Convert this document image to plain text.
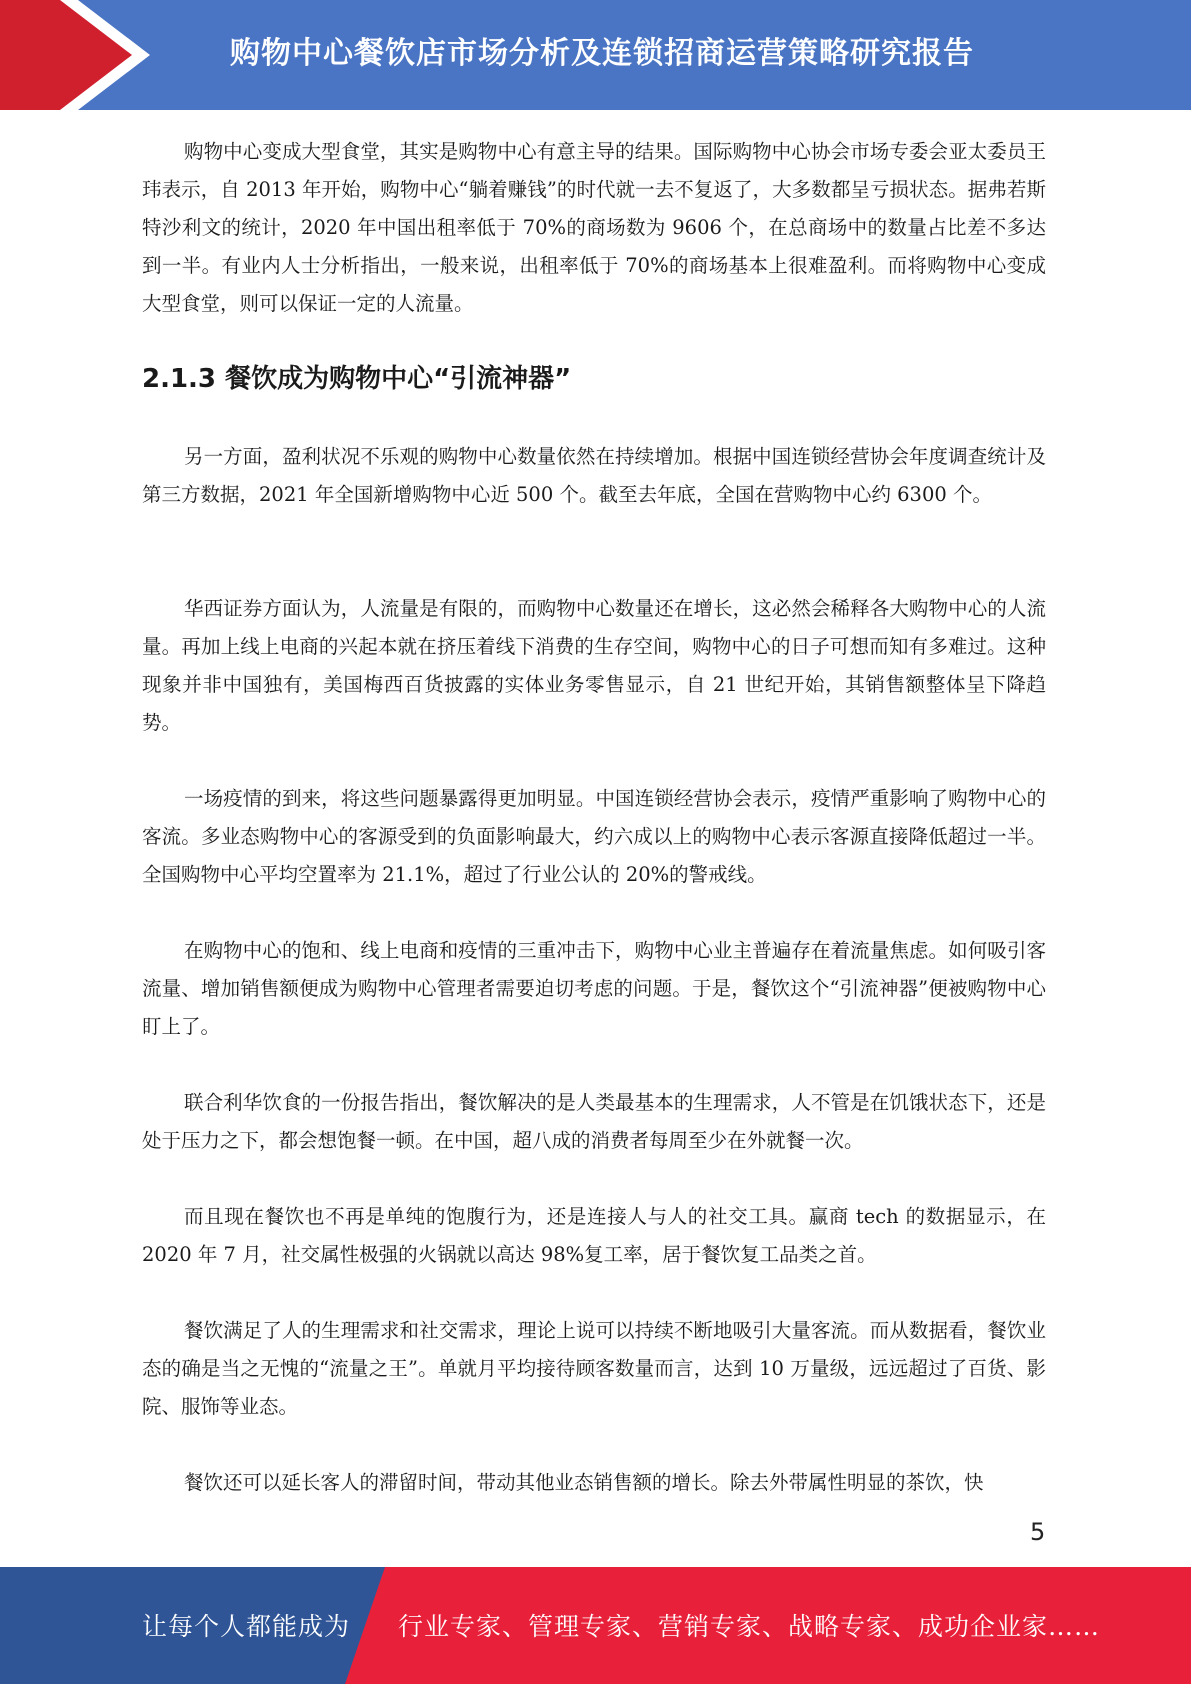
购物中心餐饮店市场分析及连锁招商运营策略研究报告

购物中心变成大型食堂，其实是购物中心有意主导的结果。国际购物中心协会市场专委会亚太委员王玮表示，自 2013 年开始，购物中心“躺着赚钱”的时代就一去不复返了，大多数都呈亏损状态。据弗若斯特沙利文的统计，2020 年中国出租率低于 70%的商场数为 9606 个，在总商场中的数量占比差不多达到一半。有业内人士分析指出，一般来说，出租率低于 70%的商场基本上很难盈利。而将购物中心变成大型食堂，则可以保证一定的人流量。

2.1.3 餐饮成为购物中心“引流神器”

另一方面，盈利状况不乐观的购物中心数量依然在持续增加。根据中国连锁经营协会年度调查统计及第三方数据，2021 年全国新增购物中心近 500 个。截至去年底，全国在营购物中心约 6300 个。

华西证券方面认为，人流量是有限的，而购物中心数量还在增长，这必然会稀释各大购物中心的人流量。再加上线上电商的兴起本就在挤压着线下消费的生存空间，购物中心的日子可想而知有多难过。这种现象并非中国独有，美国梅西百货披露的实体业务零售显示，自 21 世纪开始，其销售额整体呈下降趋势。

一场疫情的到来，将这些问题暴露得更加明显。中国连锁经营协会表示，疫情严重影响了购物中心的客流。多业态购物中心的客源受到的负面影响最大，约六成以上的购物中心表示客源直接降低超过一半。全国购物中心平均空置率为 21.1%，超过了行业公认的 20%的警戒线。

在购物中心的饱和、线上电商和疫情的三重冲击下，购物中心业主普遍存在着流量焦虑。如何吸引客流量、增加销售额便成为购物中心管理者需要迫切考虑的问题。于是，餐饮这个“引流神器”便被购物中心盯上了。

联合利华饮食的一份报告指出，餐饮解决的是人类最基本的生理需求，人不管是在饥饿状态下，还是处于压力之下，都会想饱餐一顿。在中国，超八成的消费者每周至少在外就餐一次。

而且现在餐饮也不再是单纯的饱腹行为，还是连接人与人的社交工具。赢商 tech 的数据显示，在 2020 年 7 月，社交属性极强的火锅就以高达 98%复工率，居于餐饮复工品类之首。

餐饮满足了人的生理需求和社交需求，理论上说可以持续不断地吸引大量客流。而从数据看，餐饮业态的确是当之无愧的“流量之王”。单就月平均接待顾客数量而言，达到 10 万量级，远远超过了百货、影院、服饰等业态。

餐饮还可以延长客人的滞留时间，带动其他业态销售额的增长。除去外带属性明显的茶饮，快

5
让每个人都能成为 行业专家、管理专家、营销专家、战略专家、成功企业家……
